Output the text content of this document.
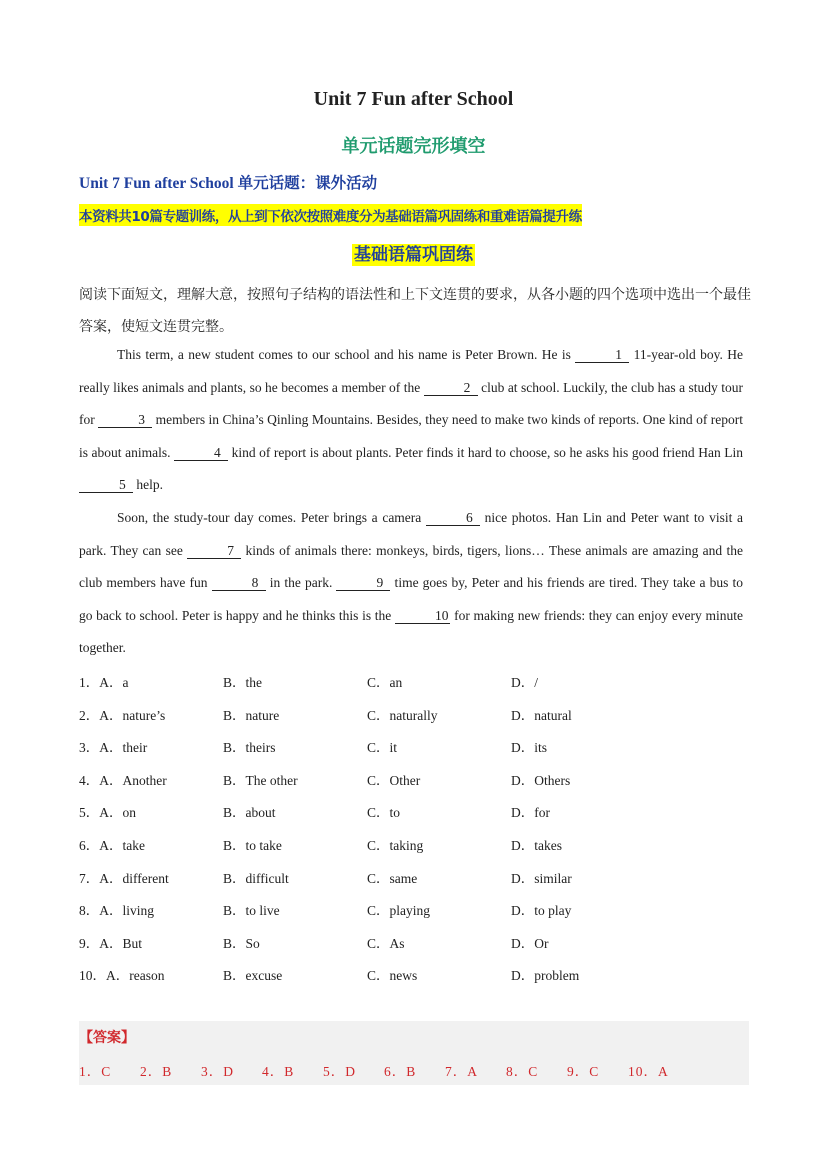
Unit 7 Fun after School
单元话题完形填空
Unit 7 Fun after School 单元话题：课外活动
本资料共10篇专题训练，从上到下依次按照难度分为基础语篇巩固练和重难语篇提升练
基础语篇巩固练
阅读下面短文，理解大意，按照句子结构的语法性和上下文连贯的要求，从各小题的四个选项中选出一个最佳答案，使短文连贯完整。
This term, a new student comes to our school and his name is Peter Brown. He is	1 11-year-old boy. He really likes animals and plants, so he becomes a member of the	2 club at school. Luckily, the club has a study tour for	3 members in China’s Qinling Mountains. Besides, they need to make two kinds of reports. One kind of report is about animals.	4 kind of report is about plants. Peter finds it hard to choose, so he asks his good friend Han Lin 5 help.
Soon, the study-tour day comes. Peter brings a camera	6 nice photos. Han Lin and Peter want to visit a park. They can see	7 kinds of animals there: monkeys, birds, tigers, lions… These animals are amazing and the club members have fun	8 in the park.	9 time goes by, Peter and his friends are tired. They take a bus to go back to school. Peter is happy and he thinks this is the	10 for making new friends: they can enjoy every minute together.
1．A．a	B．the	C．an	D．/
2．A．nature’s	B．nature	C．naturally	D．natural
3．A．their	B．theirs	C．it	D．its
4．A．Another	B．The other	C．Other	D．Others
5．A．on	B．about	C．to	D．for
6．A．take	B．to take	C．taking	D．takes
7．A．different	B．difficult	C．same	D．similar
8．A．living	B．to live	C．playing	D．to play
9．A．But	B．So	C．As	D．Or
10．A．reason	B．excuse	C．news	D．problem
【答案】
1．C 2．B 3．D 4．B 5．D 6．B 7．A 8．C 9．C 10．A
